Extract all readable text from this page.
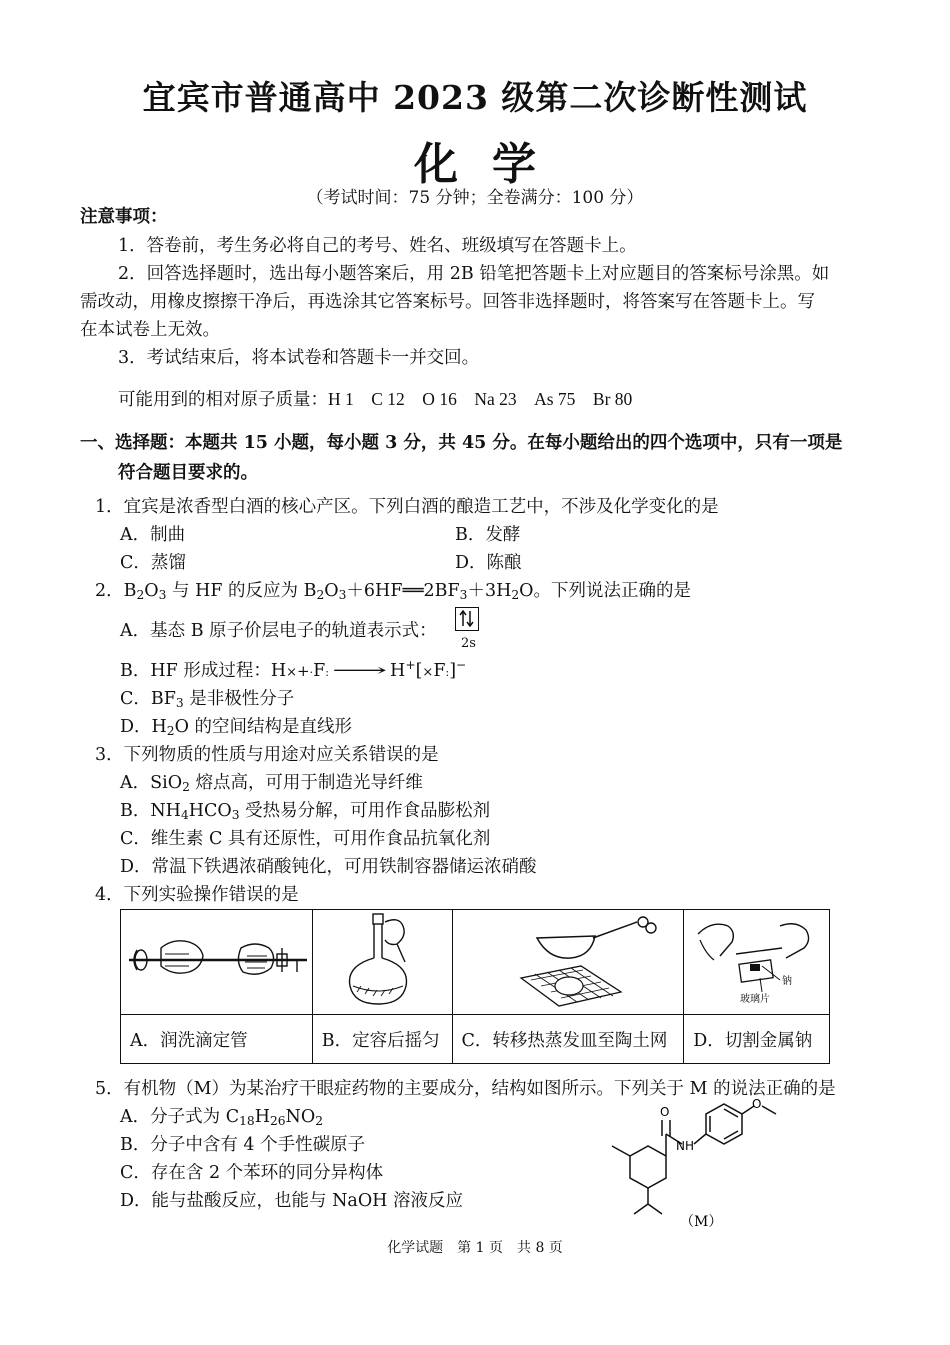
宜宾市普通高中 2023 级第二次诊断性测试
化学
（考试时间：75 分钟；全卷满分：100 分）
注意事项：
1．答卷前，考生务必将自己的考号、姓名、班级填写在答题卡上。
2．回答选择题时，选出每小题答案后，用 2B 铅笔把答题卡上对应题目的答案标号涂黑。如
需改动，用橡皮擦擦干净后，再选涂其它答案标号。回答非选择题时，将答案写在答题卡上。写
在本试卷上无效。
3．考试结束后，将本试卷和答题卡一并交回。
可能用到的相对原子质量：H 1　C 12　O 16　Na 23　As 75　Br 80
一、选择题：本题共 15 小题，每小题 3 分，共 45 分。在每小题给出的四个选项中，只有一项是
符合题目要求的。
1．宜宾是浓香型白酒的核心产区。下列白酒的酿造工艺中，不涉及化学变化的是
A．制曲	B．发酵
C．蒸馏	D．陈酿
2．$B_2O_3$ 与 HF 的反应为 $B_2O_3+6HF══2BF_3+3H_2O$。下列说法正确的是
A．基态 B 原子价层电子的轨道表示式：
2s
B．HF 形成过程：H×+·F: ⟶ H+[×F:]−
C．$BF_3$ 是非极性分子
D．$H_2O$ 的空间结构是直线形
3．下列物质的性质与用途对应关系错误的是
A．SiO$_2$ 熔点高，可用于制造光导纤维
B．$NH_4HCO_3$ 受热易分解，可用作食品膨松剂
C．维生素 C 具有还原性，可用作食品抗氧化剂
D．常温下铁遇浓硝酸钝化，可用铁制容器储运浓硝酸
4．下列实验操作错误的是

钠
玻璃片

A．润洗滴定管	B．定容后摇匀	C．转移热蒸发皿至陶土网	D．切割金属钠
5．有机物（M）为某治疗干眼症药物的主要成分，结构如图所示。下列关于 M 的说法正确的是
A．分子式为 $C_{18}H_{26}NO_2$
B．分子中含有 4 个手性碳原子
C．存在含 2 个苯环的同分异构体
D．能与盐酸反应，也能与 NaOH 溶液反应
O
NH
O
（M）
化学试题　第 1 页　共 8 页
